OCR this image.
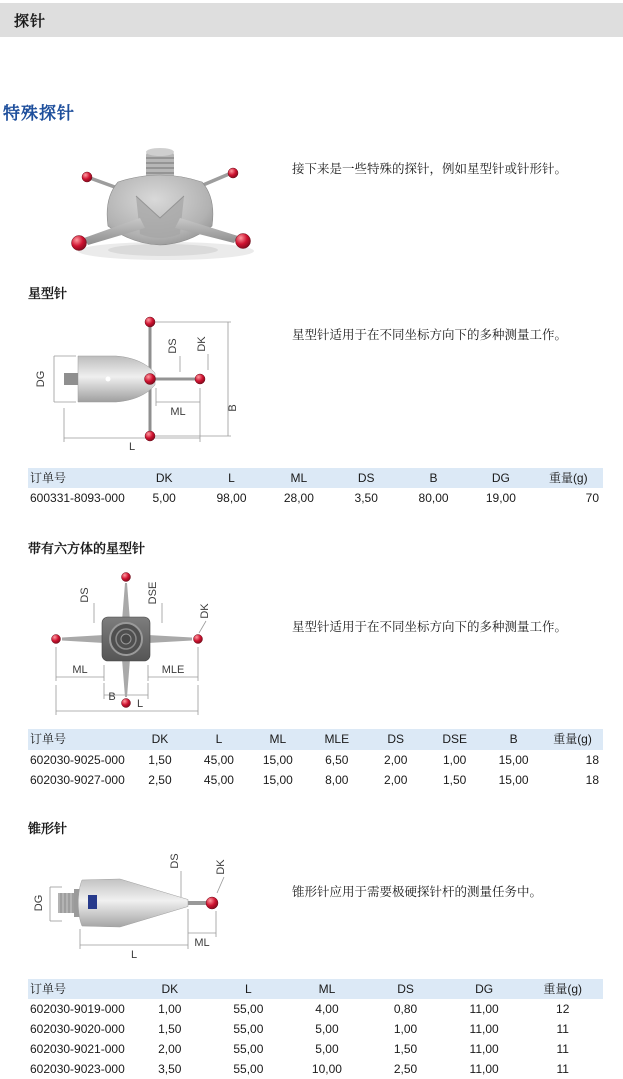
探针
特殊探针
接下来是一些特殊的探针，例如星型针或针形针。
星型针
DG
DS DK
ML	B
L
星型针适用于在不同坐标方向下的多种测量工作。
订单号	DK	L	ML	DS	B	DG	重量(g)
600331-8093-000	5,00	98,00	28,00	3,50	80,00	19,00	70
带有六方体的星型针
DS	DSE
DK
ML	MLE
B
L
星型针适用于在不同坐标方向下的多种测量工作。
订单号	DK	L	ML	MLE	DS	DSE	B	重量(g)
602030-9025-000	1,50	45,00	15,00	6,50	2,00	1,00	15,00	18
602030-9027-000	2,50	45,00	15,00	8,00	2,00	1,50	15,00	18
锥形针
DG
DS	DK
ML
L
锥形针应用于需要极硬探针杆的测量任务中。
订单号	DK	L	ML	DS	DG	重量(g)
602030-9019-000	1,00	55,00	4,00	0,80	11,00	12
602030-9020-000	1,50	55,00	5,00	1,00	11,00	11
602030-9021-000	2,00	55,00	5,00	1,50	11,00	11
602030-9023-000	3,50	55,00	10,00	2,50	11,00	11
